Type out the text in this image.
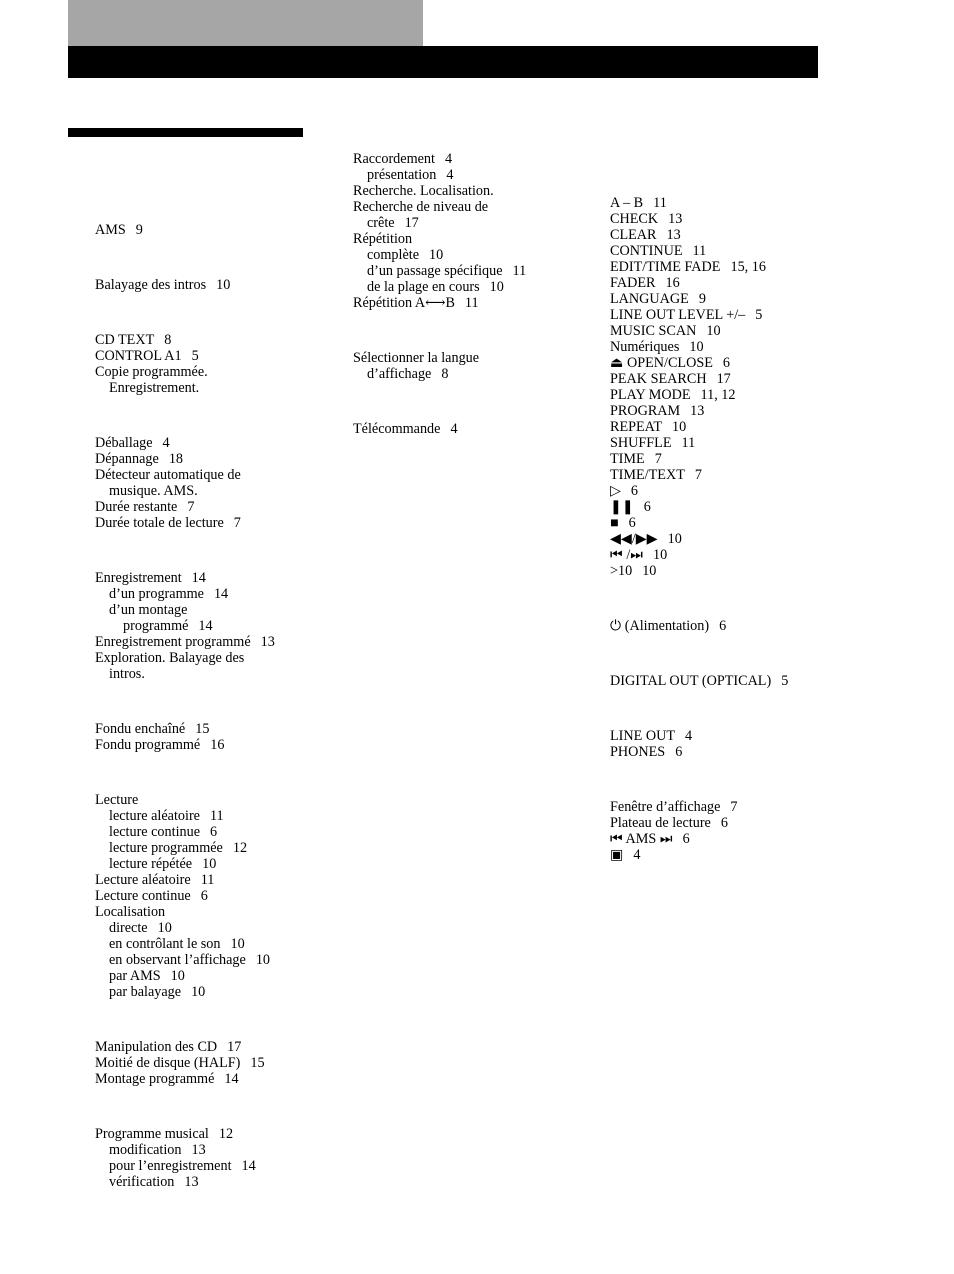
AMS 9
Balayage des intros 10
CD TEXT 8
CONTROL A1 5
Copie programmée.
Enregistrement.
Déballage 4
Dépannage 18
Détecteur automatique de
musique. AMS.
Durée restante 7
Durée totale de lecture 7
Enregistrement 14
d’un programme 14
d’un montage
programmé 14
Enregistrement programmé 13
Exploration. Balayage des
intros.
Fondu enchaîné 15
Fondu programmé 16
Lecture
lecture aléatoire 11
lecture continue 6
lecture programmée 12
lecture répétée 10
Lecture aléatoire 11
Lecture continue 6
Localisation
directe 10
en contrôlant le son 10
en observant l’affichage 10
par AMS 10
par balayage 10
Manipulation des CD 17
Moitié de disque (HALF) 15
Montage programmé 14
Programme musical 12
modification 13
pour l’enregistrement 14
vérification 13
Raccordement 4
présentation 4
Recherche. Localisation.
Recherche de niveau de
crête 17
Répétition
complète 10
d’un passage spécifique 11
de la plage en cours 10
Répétition A⟷B 11
Sélectionner la langue
d’affichage 8
Télécommande 4
A – B 11
CHECK 13
CLEAR 13
CONTINUE 11
EDIT/TIME FADE 15, 16
FADER 16
LANGUAGE 9
LINE OUT LEVEL +/– 5
MUSIC SCAN 10
Numériques 10
⏏ OPEN/CLOSE 6
PEAK SEARCH 17
PLAY MODE 11, 12
PROGRAM 13
REPEAT 10
SHUFFLE 11
TIME 7
TIME/TEXT 7
▷ 6
❚❚ 6
■ 6
◀◀/▶▶ 10
⏮ /⏭ 10
>10 10
⏻ (Alimentation) 6
DIGITAL OUT (OPTICAL) 5
LINE OUT 4
PHONES 6
Fenêtre d’affichage 7
Plateau de lecture 6
⏮ AMS ⏭ 6
▣ 4
